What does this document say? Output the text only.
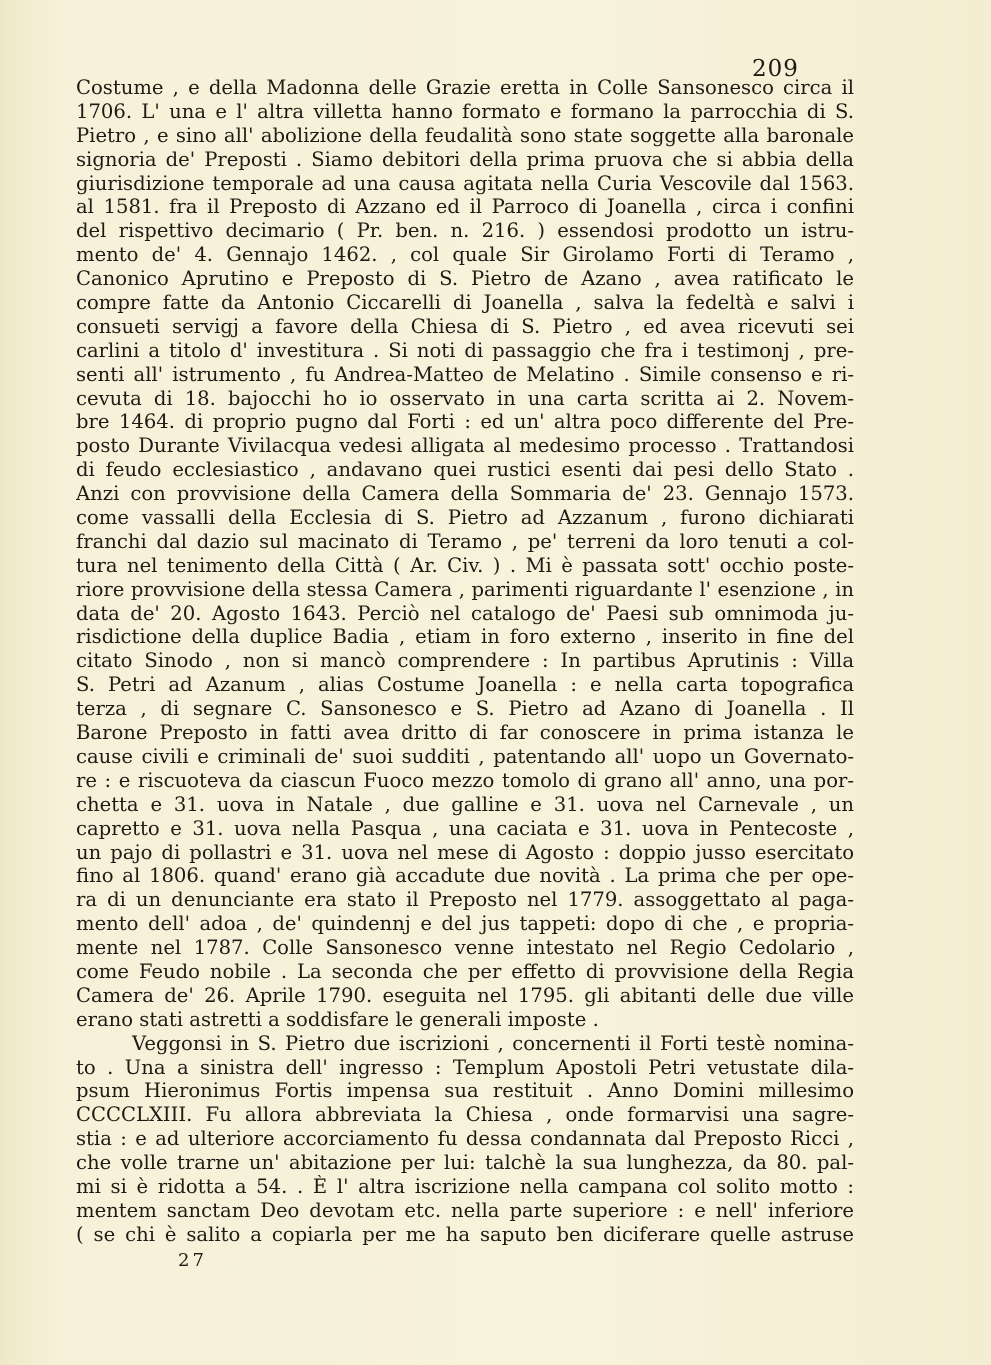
209
Costume , e della Madonna delle Grazie eretta in Colle Sansonesco circa il
1706. L' una e l' altra villetta hanno formato e formano la parrocchia di S.
Pietro , e sino all' abolizione della feudalità sono state soggette alla baronale
signoria de' Preposti . Siamo debitori della prima pruova che si abbia della
giurisdizione temporale ad una causa agitata nella Curia Vescovile dal 1563.
al 1581. fra il Preposto di Azzano ed il Parroco di Joanella , circa i confini
del rispettivo decimario ( Pr. ben. n. 216. ) essendosi prodotto un istru-
mento de' 4. Gennajo 1462. , col quale Sir Girolamo Forti di Teramo ,
Canonico Aprutino e Preposto di S. Pietro de Azano , avea ratificato le
compre fatte da Antonio Ciccarelli di Joanella , salva la fedeltà e salvi i
consueti servigj a favore della Chiesa di S. Pietro , ed avea ricevuti sei
carlini a titolo d' investitura . Si noti di passaggio che fra i testimonj , pre-
senti all' istrumento , fu Andrea-Matteo de Melatino . Simile consenso e ri-
cevuta di 18. bajocchi ho io osservato in una carta scritta ai 2. Novem-
bre 1464. di proprio pugno dal Forti : ed un' altra poco differente del Pre-
posto Durante Vivilacqua vedesi alligata al medesimo processo . Trattandosi
di feudo ecclesiastico , andavano quei rustici esenti dai pesi dello Stato .
Anzi con provvisione della Camera della Sommaria de' 23. Gennajo 1573.
come vassalli della Ecclesia di S. Pietro ad Azzanum , furono dichiarati
franchi dal dazio sul macinato di Teramo , pe' terreni da loro tenuti a col-
tura nel tenimento della Città ( Ar. Civ. ) . Mi è passata sott' occhio poste-
riore provvisione della stessa Camera , parimenti riguardante l' esenzione , in
data de' 20. Agosto 1643. Perciò nel catalogo de' Paesi sub omnimoda ju-
risdictione della duplice Badia , etiam in foro externo , inserito in fine del
citato Sinodo , non si mancò comprendere : In partibus Aprutinis : Villa
S. Petri ad Azanum , alias Costume Joanella : e nella carta topografica
terza , di segnare C. Sansonesco e S. Pietro ad Azano di Joanella . Il
Barone Preposto in fatti avea dritto di far conoscere in prima istanza le
cause civili e criminali de' suoi sudditi , patentando all' uopo un Governato-
re : e riscuoteva da ciascun Fuoco mezzo tomolo di grano all' anno, una por-
chetta e 31. uova in Natale , due galline e 31. uova nel Carnevale , un
capretto e 31. uova nella Pasqua , una caciata e 31. uova in Pentecoste ,
un pajo di pollastri e 31. uova nel mese di Agosto : doppio jusso esercitato
fino al 1806. quand' erano già accadute due novità . La prima che per ope-
ra di un denunciante era stato il Preposto nel 1779. assoggettato al paga-
mento dell' adoa , de' quindennj e del jus tappeti: dopo di che , e propria-
mente nel 1787. Colle Sansonesco venne intestato nel Regio Cedolario ,
come Feudo nobile . La seconda che per effetto di provvisione della Regia
Camera de' 26. Aprile 1790. eseguita nel 1795. gli abitanti delle due ville
erano stati astretti a soddisfare le generali imposte .
Veggonsi in S. Pietro due iscrizioni , concernenti il Forti testè nomina-
to . Una a sinistra dell' ingresso : Templum Apostoli Petri vetustate dila-
psum Hieronimus Fortis impensa sua restituit . Anno Domini millesimo
CCCCLXIII. Fu allora abbreviata la Chiesa , onde formarvisi una sagre-
stia : e ad ulteriore accorciamento fu dessa condannata dal Preposto Ricci ,
che volle trarne un' abitazione per lui: talchè la sua lunghezza, da 80. pal-
mi si è ridotta a 54. . È l' altra iscrizione nella campana col solito motto :
mentem sanctam Deo devotam etc. nella parte superiore : e nell' inferiore
( se chi è salito a copiarla per me ha saputo ben diciferare quelle astruse
27
